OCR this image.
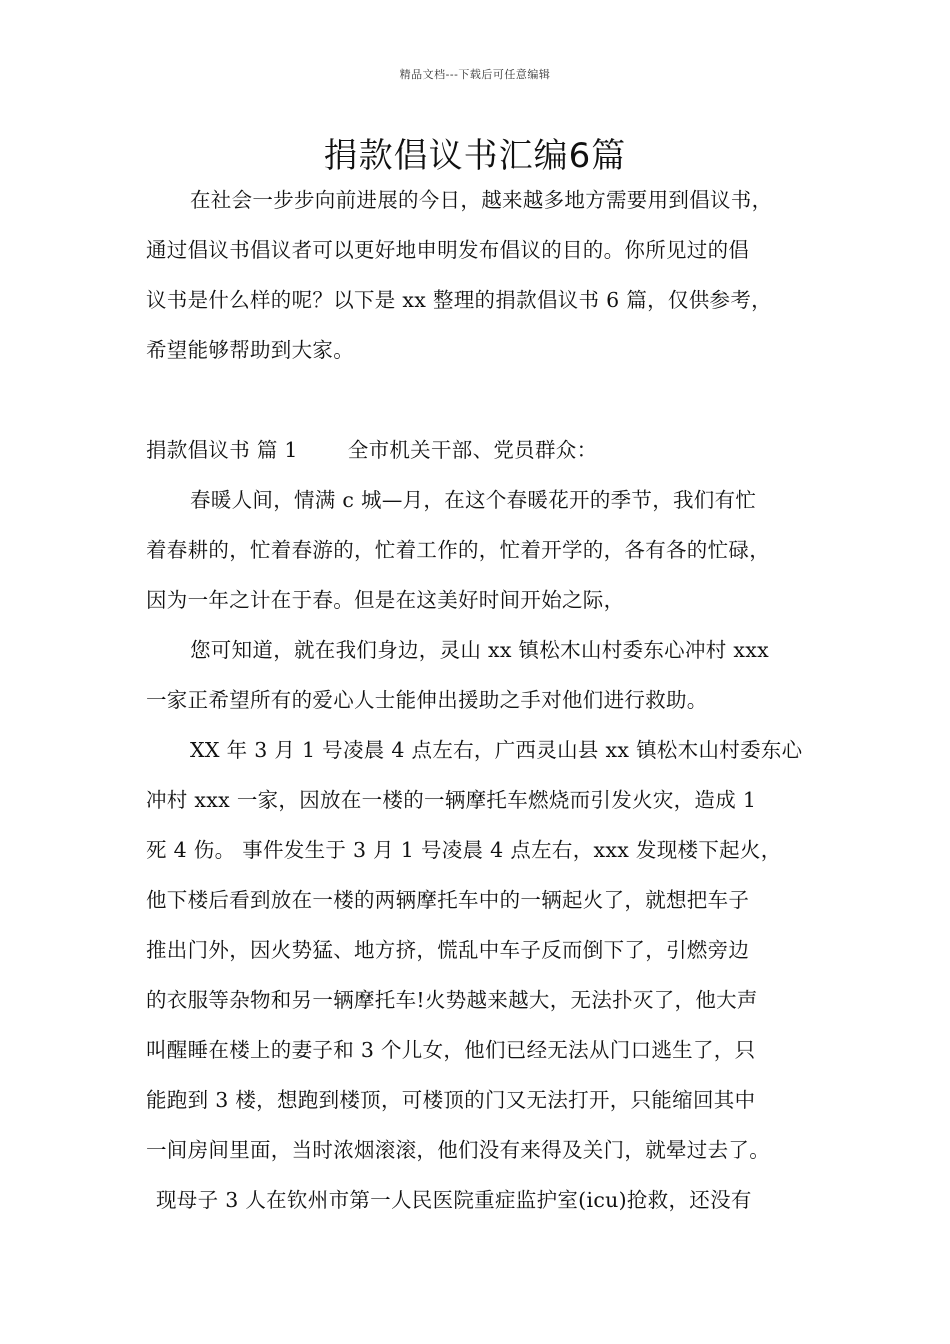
精品文档---下载后可任意编辑
捐款倡议书汇编6篇
在社会一步步向前进展的今日，越来越多地方需要用到倡议书，
通过倡议书倡议者可以更好地申明发布倡议的目的。你所见过的倡
议书是什么样的呢？以下是 xx 整理的捐款倡议书 6 篇，仅供参考，
希望能够帮助到大家。
捐款倡议书 篇 1 全市机关干部、党员群众：
春暖人间，情满 c 城—月，在这个春暖花开的季节，我们有忙
着春耕的，忙着春游的，忙着工作的，忙着开学的，各有各的忙碌，
因为一年之计在于春。但是在这美好时间开始之际，
您可知道，就在我们身边，灵山 xx 镇松木山村委东心冲村 xxx
一家正希望所有的爱心人士能伸出援助之手对他们进行救助。
XX 年 3 月 1 号凌晨 4 点左右，广西灵山县 xx 镇松木山村委东心
冲村 xxx 一家，因放在一楼的一辆摩托车燃烧而引发火灾，造成 1
死 4 伤。 事件发生于 3 月 1 号凌晨 4 点左右，xxx 发现楼下起火，
他下楼后看到放在一楼的两辆摩托车中的一辆起火了，就想把车子
推出门外，因火势猛、地方挤，慌乱中车子反而倒下了，引燃旁边
的衣服等杂物和另一辆摩托车!火势越来越大，无法扑灭了，他大声
叫醒睡在楼上的妻子和 3 个儿女，他们已经无法从门口逃生了，只
能跑到 3 楼，想跑到楼顶，可楼顶的门又无法打开，只能缩回其中
一间房间里面，当时浓烟滚滚，他们没有来得及关门，就晕过去了。
现母子 3 人在钦州市第一人民医院重症监护室(icu)抢救，还没有
